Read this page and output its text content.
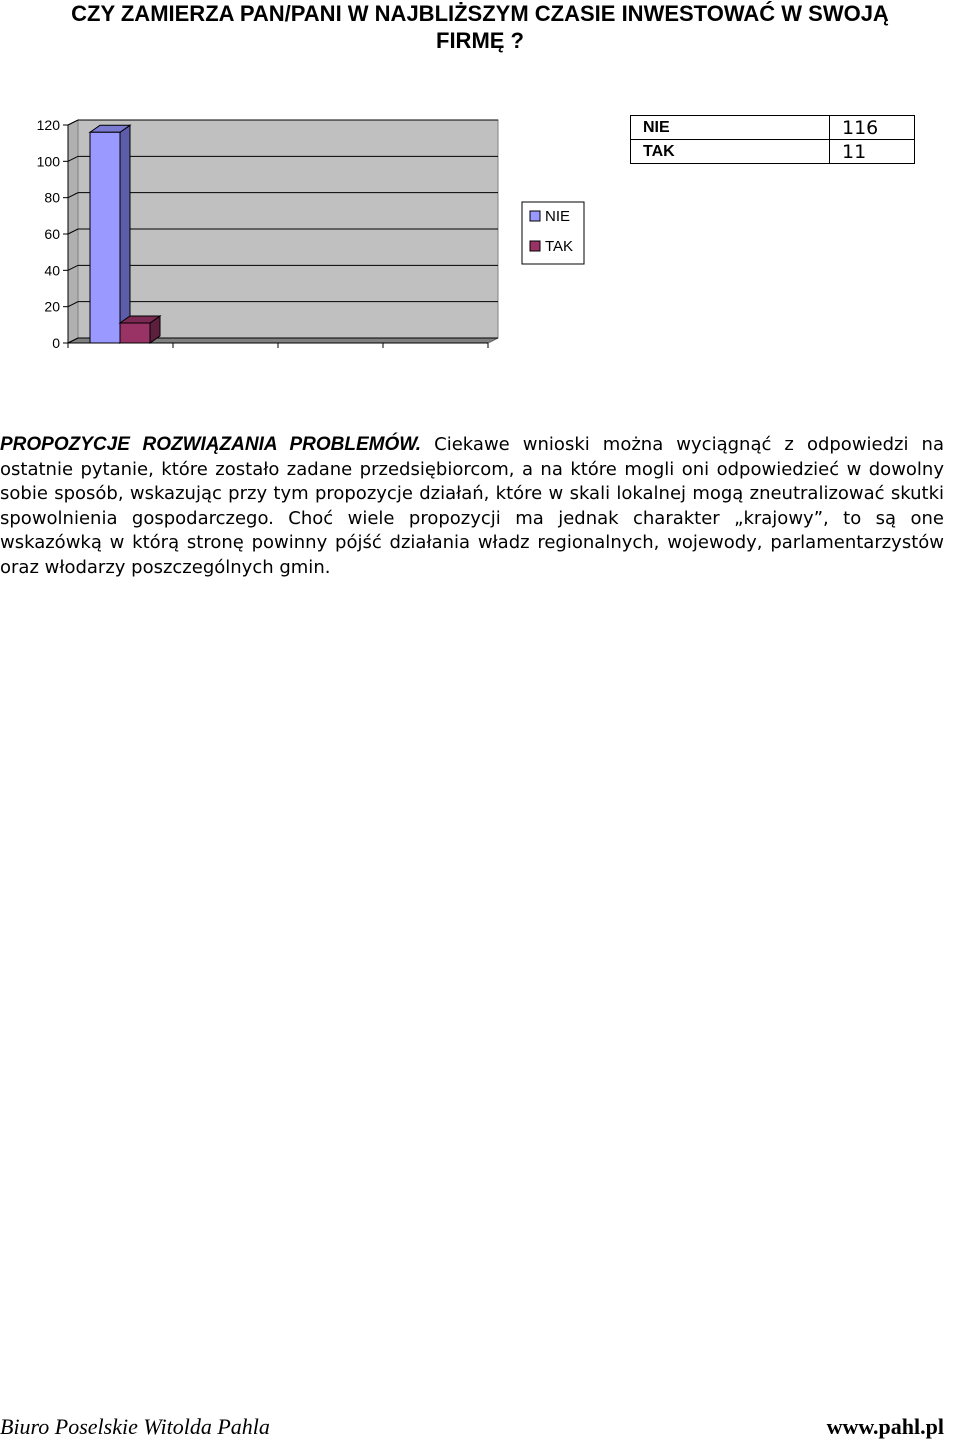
CZY ZAMIERZA PAN/PANI W NAJBLIŻSZYM CZASIE INWESTOWAĆ W SWOJĄ
FIRMĘ ?
0
20
40
60
80
100
120
NIE
TAK
NIE	116
TAK	11
PROPOZYCJE ROZWIĄZANIA PROBLEMÓW. Ciekawe wnioski można wyciągnąć z odpowiedzi na ostatnie pytanie, które zostało zadane przedsiębiorcom, a na które mogli oni odpowiedzieć w dowolny sobie sposób, wskazując przy tym propozycje działań, które w skali lokalnej mogą zneutralizować skutki spowolnienia gospodarczego. Choć wiele propozycji ma jednak charakter „krajowy”, to są one wskazówką w którą stronę powinny pójść działania władz regionalnych, wojewody, parlamentarzystów oraz włodarzy poszczególnych gmin.
Biuro Poselskie Witolda Pahla	www.pahl.pl
